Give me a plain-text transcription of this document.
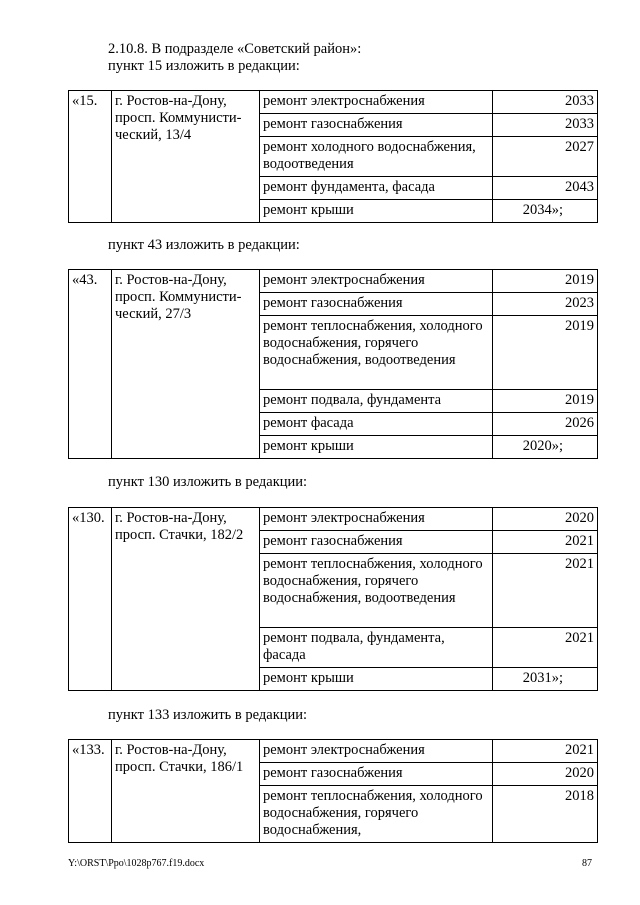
2.10.8. В подразделе «Советский район»:
пункт 15 изложить в редакции:
«15.	г. Ростов-на-Дону, просп. Коммунисти-ческий, 13/4	ремонт электроснабжения	2033
		ремонт газоснабжения	2033
		ремонт холодного водоснабжения, водоотведения	2027
		ремонт фундамента, фасада	2043
		ремонт крыши	2034»;
пункт 43 изложить в редакции:
«43.	г. Ростов-на-Дону, просп. Коммунисти-ческий, 27/3	ремонт электроснабжения	2019
		ремонт газоснабжения	2023
		ремонт теплоснабжения, холодного водоснабжения, горячего водоснабжения, водоотведения	2019
		ремонт подвала, фундамента	2019
		ремонт фасада	2026
		ремонт крыши	2020»;
пункт 130 изложить в редакции:
«130.	г. Ростов-на-Дону, просп. Стачки, 182/2	ремонт электроснабжения	2020
		ремонт газоснабжения	2021
		ремонт теплоснабжения, холодного водоснабжения, горячего водоснабжения, водоотведения	2021
		ремонт подвала, фундамента, фасада	2021
		ремонт крыши	2031»;
пункт 133 изложить в редакции:
«133.	г. Ростов-на-Дону, просп. Стачки, 186/1	ремонт электроснабжения	2021
		ремонт газоснабжения	2020
		ремонт теплоснабжения, холодного водоснабжения, горячего водоснабжения,	2018
Y:\ORST\Ppo\1028p767.f19.docx	87
